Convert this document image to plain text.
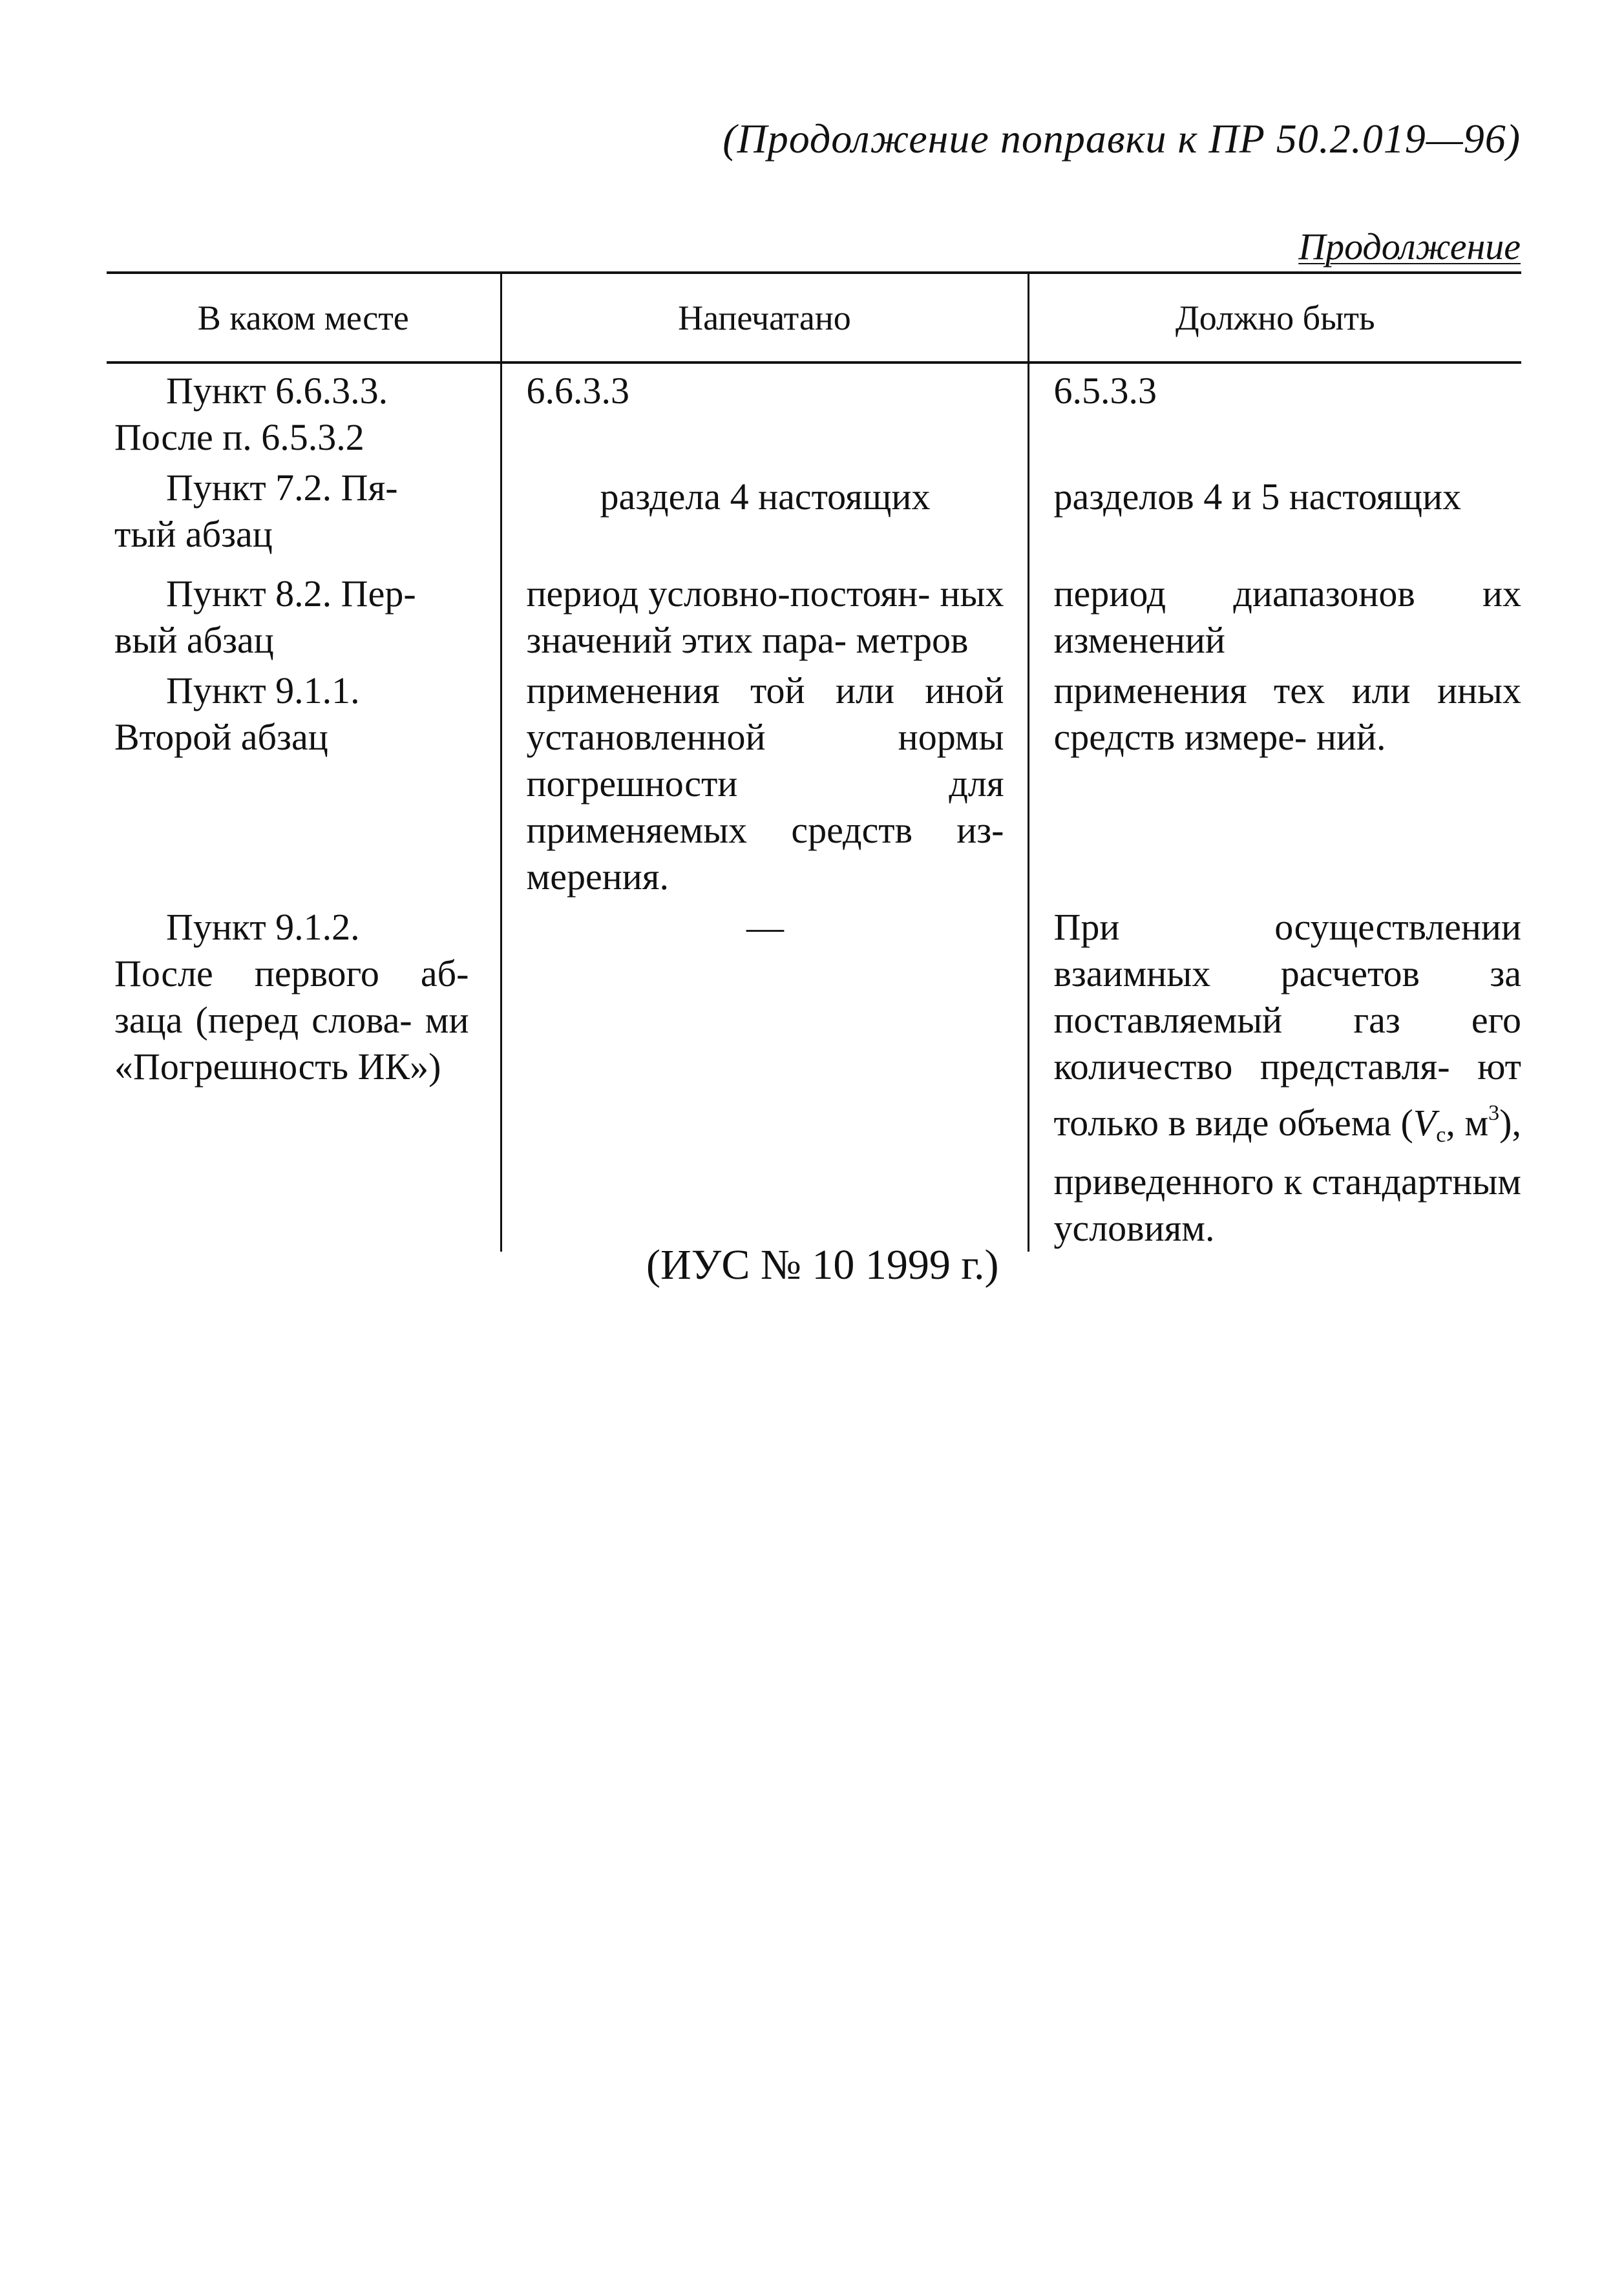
(Продолжение поправки к ПР 50.2.019—96)
Продолжение
В каком месте	Напечатано	Должно быть

Пункт 6.6.3.3.
После п. 6.5.3.2	6.6.3.3	6.5.3.3

Пункт 7.2. Пя-
тый абзац	раздела 4 настоящих	разделов 4 и 5 настоящих

Пункт 8.2. Пер-
вый абзац	период условно-постоян- ных значений этих пара- метров	период диапазонов их изменений

Пункт 9.1.1.
Второй абзац	применения той или иной установленной нормы погрешности для применяемых средств из- мерения.	применения тех или иных средств измере- ний.

Пункт 9.1.2.
После первого аб- заца (перед слова- ми «Погрешность ИК»)	—	При осуществлении взаимных расчетов за поставляемый газ его количество представля- ют только в виде объема ($V_c$, $м^3$), приведенного к стандартным условиям.
(ИУС № 10 1999 г.)
